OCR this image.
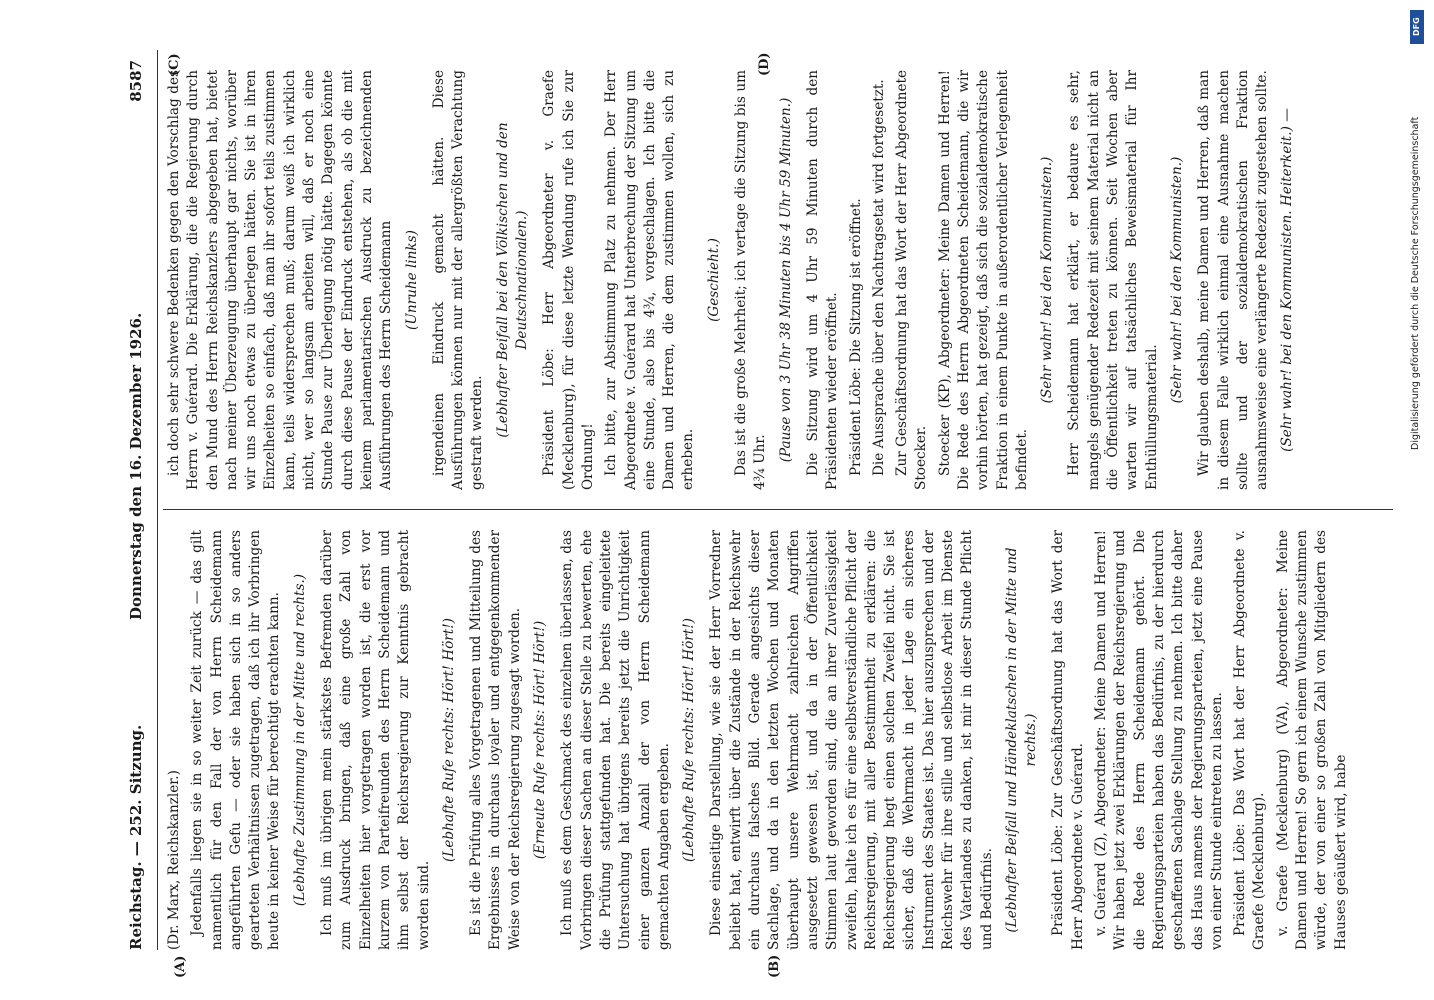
Reichstag. — 252. Sitzung.
Donnerstag den 16. Dezember 1926.
8587
(A)	(B)
(C)	(D)

(Dr. Marx, Reichskanzler.) Jedenfalls liegen sie in so weiter Zeit zurück — das gilt namentlich für den Fall der von Herrn Scheidemann angeführten Gefu — oder sie haben sich in so anders gearteten Verhältnissen zugetragen, daß ich ihr Vorbringen heute in keiner Weise für berechtigt erachten kann. (Lebhafte Zustimmung in der Mitte und rechts.) Ich muß im übrigen mein stärkstes Befremden darüber zum Ausdruck bringen, daß eine große Zahl von Einzelheiten hier vorgetragen worden ist, die erst vor kurzem von Parteifreunden des Herrn Scheidemann und ihm selbst der Reichsregierung zur Kenntnis gebracht worden sind.

(Lebhafte Rufe rechts: Hört! Hört!) Es ist die Prüfung alles Vorgetragenen und Mitteilung des Ergebnisses in durchaus loyaler und entgegenkommender Weise von der Reichsregierung zugesagt worden. (Erneute Rufe rechts: Hört! Hört!) Ich muß es dem Geschmack des einzelnen überlassen, das Vorbringen dieser Sachen an dieser Stelle zu bewerten, ehe die Prüfung stattgefunden hat. Die bereits eingeleitete Untersuchung hat übrigens bereits jetzt die Unrichtigkeit einer ganzen Anzahl der von Herrn Scheidemann gemachten Angaben ergeben. (Lebhafte Rufe rechts: Hört! Hört!) Diese einseitige Darstellung, wie sie der Herr Vorredner beliebt hat, entwirft über die Zustände in der Reichswehr ein durchaus falsches Bild. Gerade angesichts dieser Sachlage, und da in den letzten Wochen und Monaten überhaupt unsere Wehrmacht zahlreichen Angriffen ausgesetzt gewesen ist, und da in der Öffentlichkeit Stimmen laut geworden sind, die an ihrer Zuverlässigkeit zweifeln, halte ich es für eine selbstverständliche Pflicht der Reichsregierung, mit aller Bestimmtheit zu erklären: die Reichsregierung hegt einen solchen Zweifel nicht. Sie ist sicher, daß die Wehrmacht in jeder Lage ein sicheres Instrument des Staates ist. Das hier auszusprechen und der Reichswehr für ihre stille und selbstlose Arbeit im Dienste des Vaterlandes zu danken, ist mir in dieser Stunde Pflicht und Bedürfnis. (Lebhafter Beifall und Händeklatschen in der Mitte und rechts.) Präsident Löbe: Zur Geschäftsordnung hat das Wort der Herr Abgeordnete v. Guérard. v. Guérard (Z), Abgeordneter: Meine Damen und Herren! Wir haben jetzt zwei Erklärungen der Reichsregierung und die Rede des Herrn Scheidemann gehört. Die Regierungsparteien haben das Bedürfnis, zu der hierdurch geschaffenen Sachlage Stellung zu nehmen. Ich bitte daher das Haus namens der Regierungsparteien, jetzt eine Pause von einer Stunde eintreten zu lassen. Präsident Löbe: Das Wort hat der Herr Abgeordnete v. Graefe (Mecklenburg). v. Graefe (Mecklenburg) (VA), Abgeordneter: Meine Damen und Herren! So gern ich einem Wunsche zustimmen würde, der von einer so großen Zahl von Mitgliedern des Hauses geäußert wird, habe

ich doch sehr schwere Bedenken gegen den Vorschlag des Herrn v. Guérard. Die Erklärung, die die Regierung durch den Mund des Herrn Reichskanzlers abgegeben hat, bietet nach meiner Überzeugung überhaupt gar nichts, worüber wir uns noch etwas zu überlegen hätten. Sie ist in ihren Einzelheiten so einfach, daß man ihr sofort teils zustimmen kann, teils widersprechen muß; darum weiß ich wirklich nicht, wer so langsam arbeiten will, daß er noch eine Stunde Pause zur Überlegung nötig hätte. Dagegen könnte durch diese Pause der Eindruck entstehen, als ob die mit keinem parlamentarischen Ausdruck zu bezeichnenden Ausführungen des Herrn Scheidemann (Unruhe links) irgendeinen Eindruck gemacht hätten. Diese Ausführungen können nur mit der allergrößten Verachtung gestraft werden. (Lebhafter Beifall bei den Völkischen und den Deutschnationalen.) Präsident Löbe: Herr Abgeordneter v. Graefe (Mecklenburg), für diese letzte Wendung rufe ich Sie zur Ordnung! Ich bitte, zur Abstimmung Platz zu nehmen. Der Herr Abgeordnete v. Guérard hat Unterbrechung der Sitzung um eine Stunde, also bis 4¾, vorgeschlagen. Ich bitte die Damen und Herren, die dem zustimmen wollen, sich zu erheben.

(Geschieht.) Das ist die große Mehrheit; ich vertage die Sitzung bis um 4¾ Uhr. (Pause von 3 Uhr 38 Minuten bis 4 Uhr 59 Minuten.) Die Sitzung wird um 4 Uhr 59 Minuten durch den Präsidenten wieder eröffnet. Präsident Löbe: Die Sitzung ist eröffnet. Die Aussprache über den Nachtragsetat wird fortgesetzt. Zur Geschäftsordnung hat das Wort der Herr Abgeordnete Stoecker. Stoecker (KP), Abgeordneter: Meine Damen und Herren! Die Rede des Herrn Abgeordneten Scheidemann, die wir vorhin hörten, hat gezeigt, daß sich die sozialdemokratische Fraktion in einem Punkte in außerordentlicher Verlegenheit befindet.

(Sehr wahr! bei den Kommunisten.) Herr Scheidemann hat erklärt, er bedaure es sehr, mangels genügender Redezeit mit seinem Material nicht an die Öffentlichkeit treten zu können. Seit Wochen aber warten wir auf tatsächliches Beweismaterial für Ihr Enthüllungsmaterial.

(Sehr wahr! bei den Kommunisten.) Wir glauben deshalb, meine Damen und Herren, daß man in diesem Falle wirklich einmal eine Ausnahme machen sollte und der sozialdemokratischen Fraktion ausnahmsweise eine verlängerte Redezeit zugestehen sollte. (Sehr wahr! bei den Kommunisten. Heiterkeit.) —

DFG
Digitalisierung gefördert durch die Deutsche Forschungsgemeinschaft
